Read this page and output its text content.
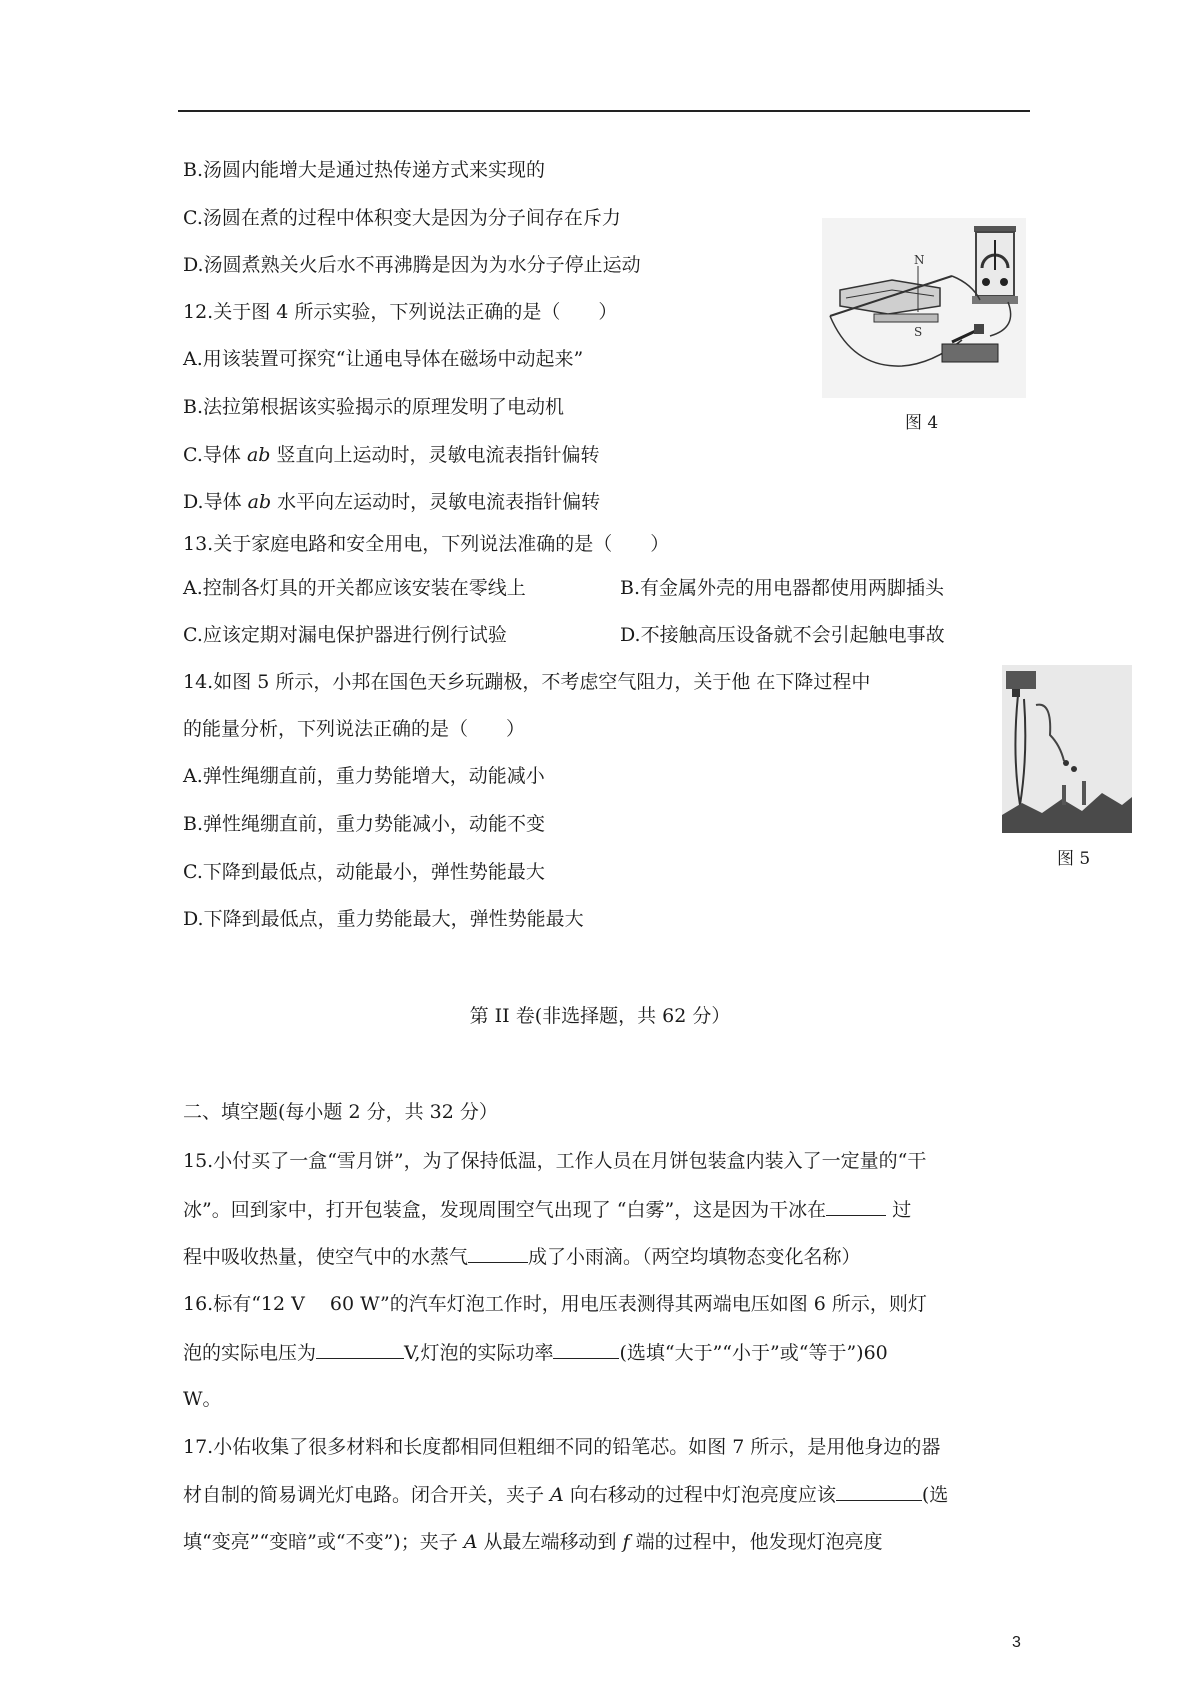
B.汤圆内能增大是通过热传递方式来实现的
C.汤圆在煮的过程中体积变大是因为分子间存在斥力
D.汤圆煮熟关火后水不再沸腾是因为为水分子停止运动
12.关于图 4 所示实验，下列说法正确的是（　　）
A.用该装置可探究“让通电导体在磁场中动起来”
B.法拉第根据该实验揭示的原理发明了电动机
C.导体 ab 竖直向上运动时，灵敏电流表指针偏转
D.导体 ab 水平向左运动时，灵敏电流表指针偏转
N
S
图 4
13.关于家庭电路和安全用电，下列说法准确的是（　　）
A.控制各灯具的开关都应该安装在零线上	B.有金属外壳的用电器都使用两脚插头
C.应该定期对漏电保护器进行例行试验	D.不接触高压设备就不会引起触电事故
14.如图 5 所示，小邦在国色天乡玩蹦极，不考虑空气阻力，关于他 在下降过程中
的能量分析，下列说法正确的是（　　）
A.弹性绳绷直前，重力势能增大，动能减小
B.弹性绳绷直前，重力势能减小，动能不变
C.下降到最低点，动能最小，弹性势能最大
D.下降到最低点，重力势能最大，弹性势能最大
图 5
第 II 卷(非选择题，共 62 分）
二、填空题(每小题 2 分，共 32 分）
15.小付买了一盒“雪月饼”，为了保持低温，工作人员在月饼包装盒内装入了一定量的“干
冰”。回到家中，打开包装盒，发现周围空气出现了 “白雾”，这是因为干冰在	过
程中吸收热量，使空气中的水蒸气	成了小雨滴。（两空均填物态变化名称）
16.标有“12 V　 60 W”的汽车灯泡工作时，用电压表测得其两端电压如图 6 所示，则灯
泡的实际电压为	V,灯泡的实际功率	(选填“大于”“小于”或“等于”)60
W。
17.小佑收集了很多材料和长度都相同但粗细不同的铅笔芯。如图 7 所示，是用他身边的器
材自制的简易调光灯电路。闭合开关，夹子 A 向右移动的过程中灯泡亮度应该	(选
填“变亮”“变暗”或“不变”)；夹子 A 从最左端移动到 f 端的过程中，他发现灯泡亮度
3
